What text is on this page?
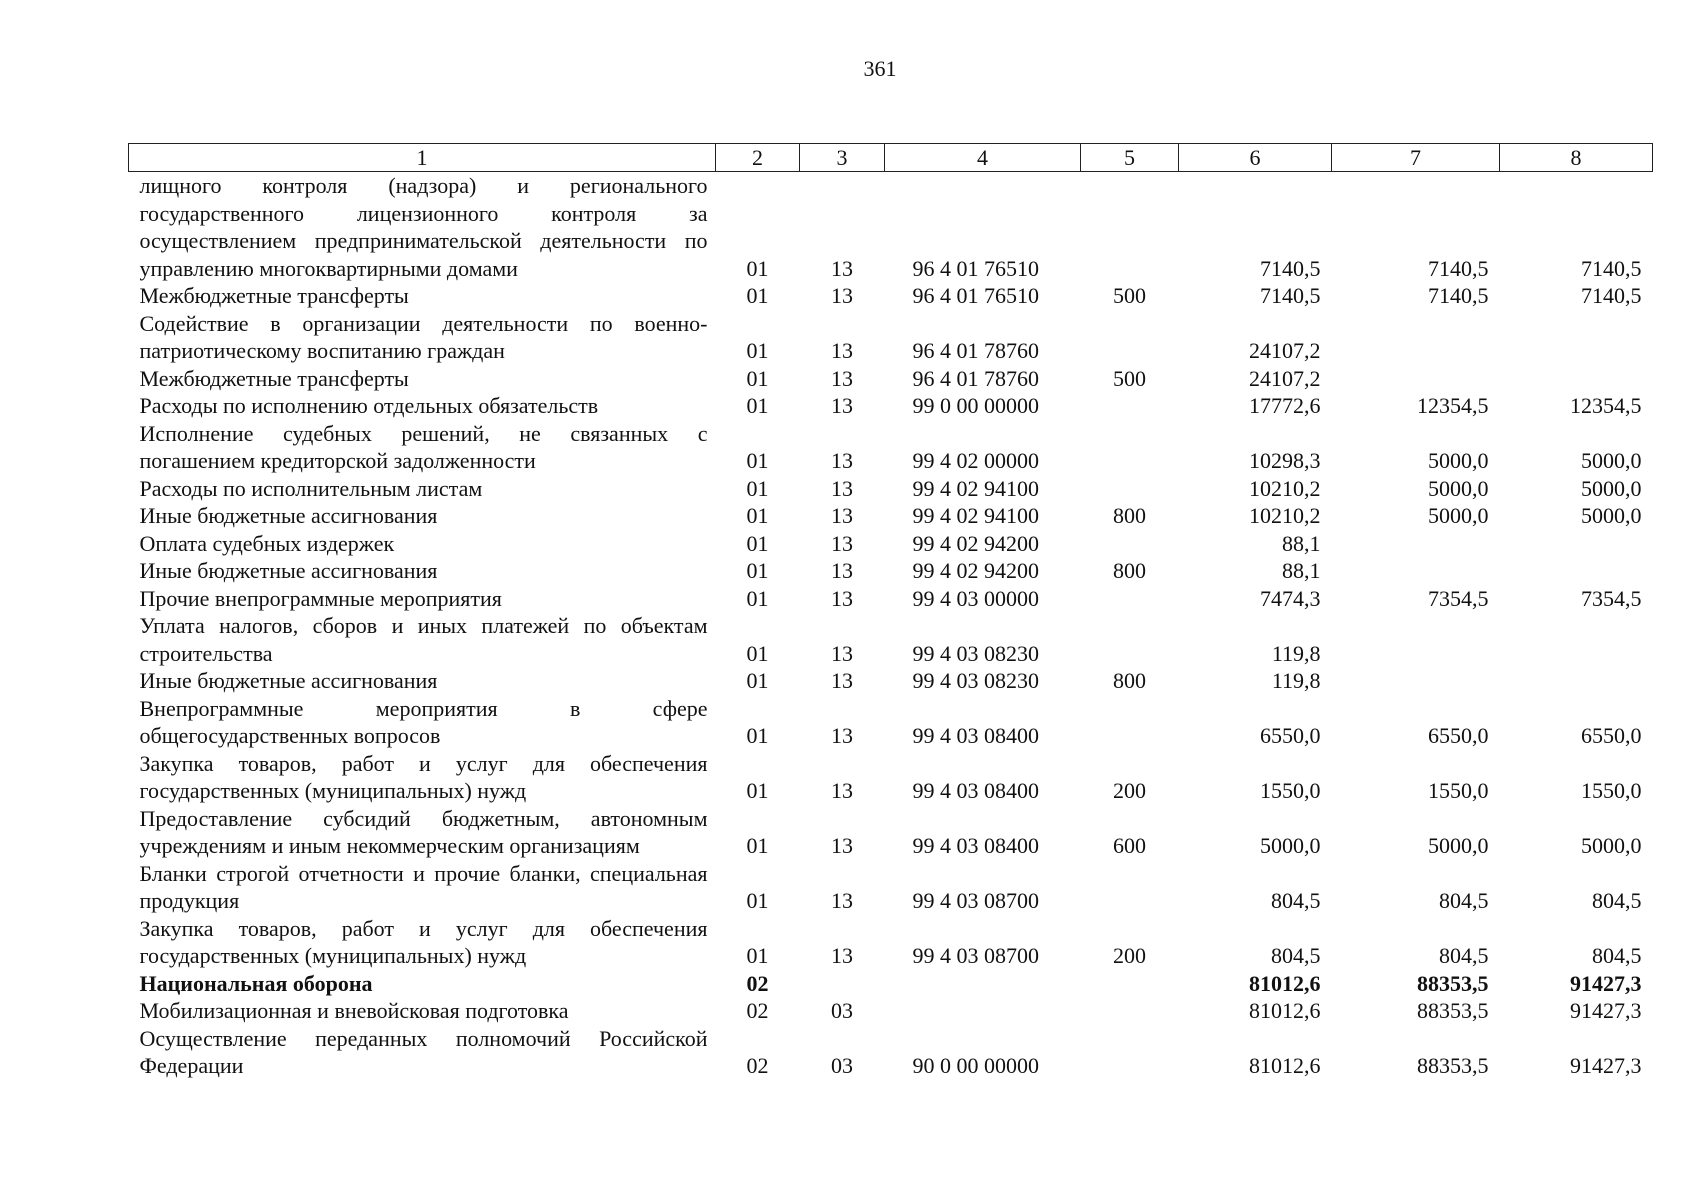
361
1	2	3	4	5	6	7	8
лищного контроля (надзора) и регионального государственного лицензионного контроля за осуществлением предпринимательской деятельности по управлению многоквартирными домами	01	13	96 4 01 76510		7140,5	7140,5	7140,5
Межбюджетные трансферты	01	13	96 4 01 76510	500	7140,5	7140,5	7140,5
Содействие в организации деятельности по военно-патриотическому воспитанию граждан	01	13	96 4 01 78760		24107,2		
Межбюджетные трансферты	01	13	96 4 01 78760	500	24107,2		
Расходы по исполнению отдельных обязательств	01	13	99 0 00 00000		17772,6	12354,5	12354,5
Исполнение судебных решений, не связанных с погашением кредиторской задолженности	01	13	99 4 02 00000		10298,3	5000,0	5000,0
Расходы по исполнительным листам	01	13	99 4 02 94100		10210,2	5000,0	5000,0
Иные бюджетные ассигнования	01	13	99 4 02 94100	800	10210,2	5000,0	5000,0
Оплата судебных издержек	01	13	99 4 02 94200		88,1		
Иные бюджетные ассигнования	01	13	99 4 02 94200	800	88,1		
Прочие внепрограммные мероприятия	01	13	99 4 03 00000		7474,3	7354,5	7354,5
Уплата налогов, сборов и иных платежей по объектам строительства	01	13	99 4 03 08230		119,8		
Иные бюджетные ассигнования	01	13	99 4 03 08230	800	119,8		
Внепрограммные мероприятия в сфере общегосударственных вопросов	01	13	99 4 03 08400		6550,0	6550,0	6550,0
Закупка товаров, работ и услуг для обеспечения государственных (муниципальных) нужд	01	13	99 4 03 08400	200	1550,0	1550,0	1550,0
Предоставление субсидий бюджетным, автономным учреждениям и иным некоммерческим организациям	01	13	99 4 03 08400	600	5000,0	5000,0	5000,0
Бланки строгой отчетности и прочие бланки, специальная продукция	01	13	99 4 03 08700		804,5	804,5	804,5
Закупка товаров, работ и услуг для обеспечения государственных (муниципальных) нужд	01	13	99 4 03 08700	200	804,5	804,5	804,5
Национальная оборона	02				81012,6	88353,5	91427,3
Мобилизационная и вневойсковая подготовка	02	03			81012,6	88353,5	91427,3
Осуществление переданных полномочий Российской Федерации	02	03	90 0 00 00000		81012,6	88353,5	91427,3
